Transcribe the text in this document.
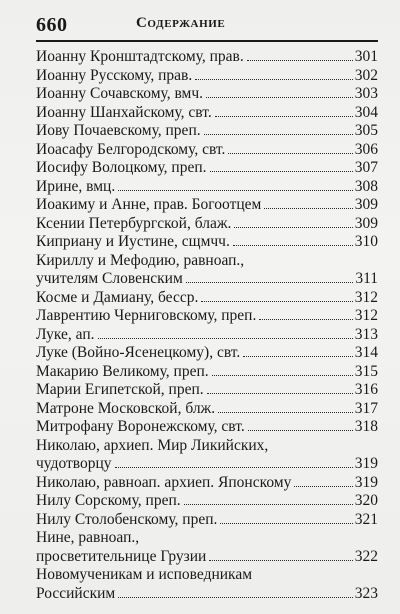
660	Содержание
Иоанну Кронштадтскому, прав.	301
Иоанну Русскому, прав.	302
Иоанну Сочавскому, вмч.	303
Иоанну Шанхайскому, свт.	304
Иову Почаевскому, преп.	305
Иоасафу Белгородскому, свт.	306
Иосифу Волоцкому, преп.	307
Ирине, вмц.	308
Иоакиму и Анне, прав. Богоотцем	309
Ксении Петербургской, блаж.	309
Киприану и Иустине, сщмчч.	310
Кириллу и Мефодию, равноап.,
учителям Словенским	311
Косме и Дамиану, бесср.	312
Лаврентию Черниговскому, преп.	312
Луке, ап.	313
Луке (Войно-Ясенецкому), свт.	314
Макарию Великому, преп.	315
Марии Египетской, преп.	316
Матроне Московской, блж.	317
Митрофану Воронежскому, свт.	318
Николаю, архиеп. Мир Ликийских,
чудотворцу	319
Николаю, равноап. архиеп. Японскому	319
Нилу Сорскому, преп.	320
Нилу Столобенскому, преп.	321
Нине, равноап.,
просветительнице Грузии	322
Новомученикам и исповедникам
Российским	323
